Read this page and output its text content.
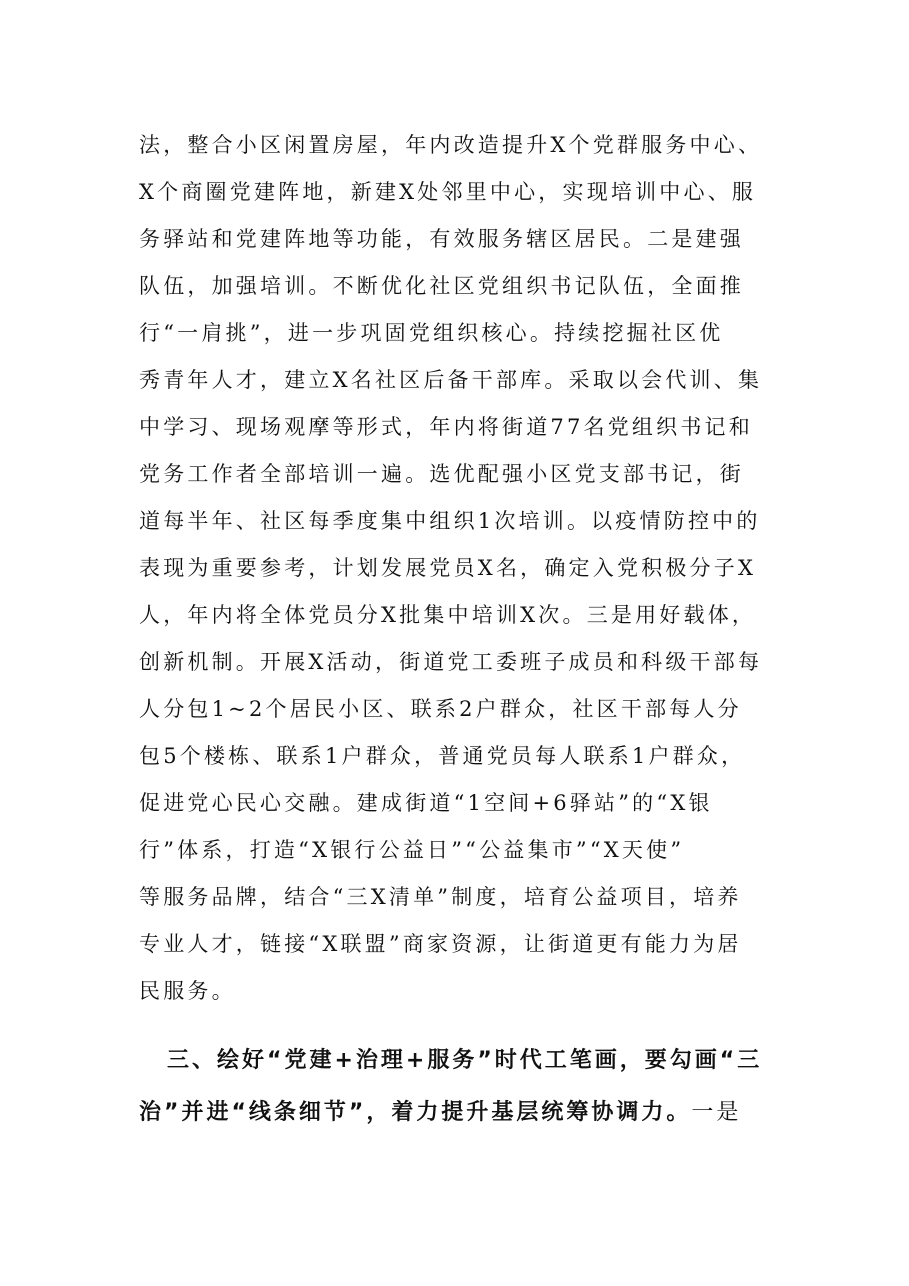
法，整合小区闲置房屋，年内改造提升X个党群服务中心、
X个商圈党建阵地，新建X处邻里中心，实现培训中心、服
务驿站和党建阵地等功能，有效服务辖区居民。二是建强
队伍，加强培训。不断优化社区党组织书记队伍，全面推
行“一肩挑”，进一步巩固党组织核心。持续挖掘社区优
秀青年人才，建立X名社区后备干部库。采取以会代训、集
中学习、现场观摩等形式，年内将街道77名党组织书记和
党务工作者全部培训一遍。选优配强小区党支部书记，街
道每半年、社区每季度集中组织1次培训。以疫情防控中的
表现为重要参考，计划发展党员X名，确定入党积极分子X
人，年内将全体党员分X批集中培训X次。三是用好载体，
创新机制。开展X活动，街道党工委班子成员和科级干部每
人分包1~2个居民小区、联系2户群众，社区干部每人分
包5个楼栋、联系1户群众，普通党员每人联系1户群众，
促进党心民心交融。建成街道“1空间+6驿站”的“X银
行”体系，打造“X银行公益日”“公益集市”“X天使”
等服务品牌，结合“三X清单”制度，培育公益项目，培养
专业人才，链接“X联盟”商家资源，让街道更有能力为居
民服务。
三、绘好“党建+治理+服务”时代工笔画，要勾画“三
治”并进“线条细节”，着力提升基层统筹协调力。一是
